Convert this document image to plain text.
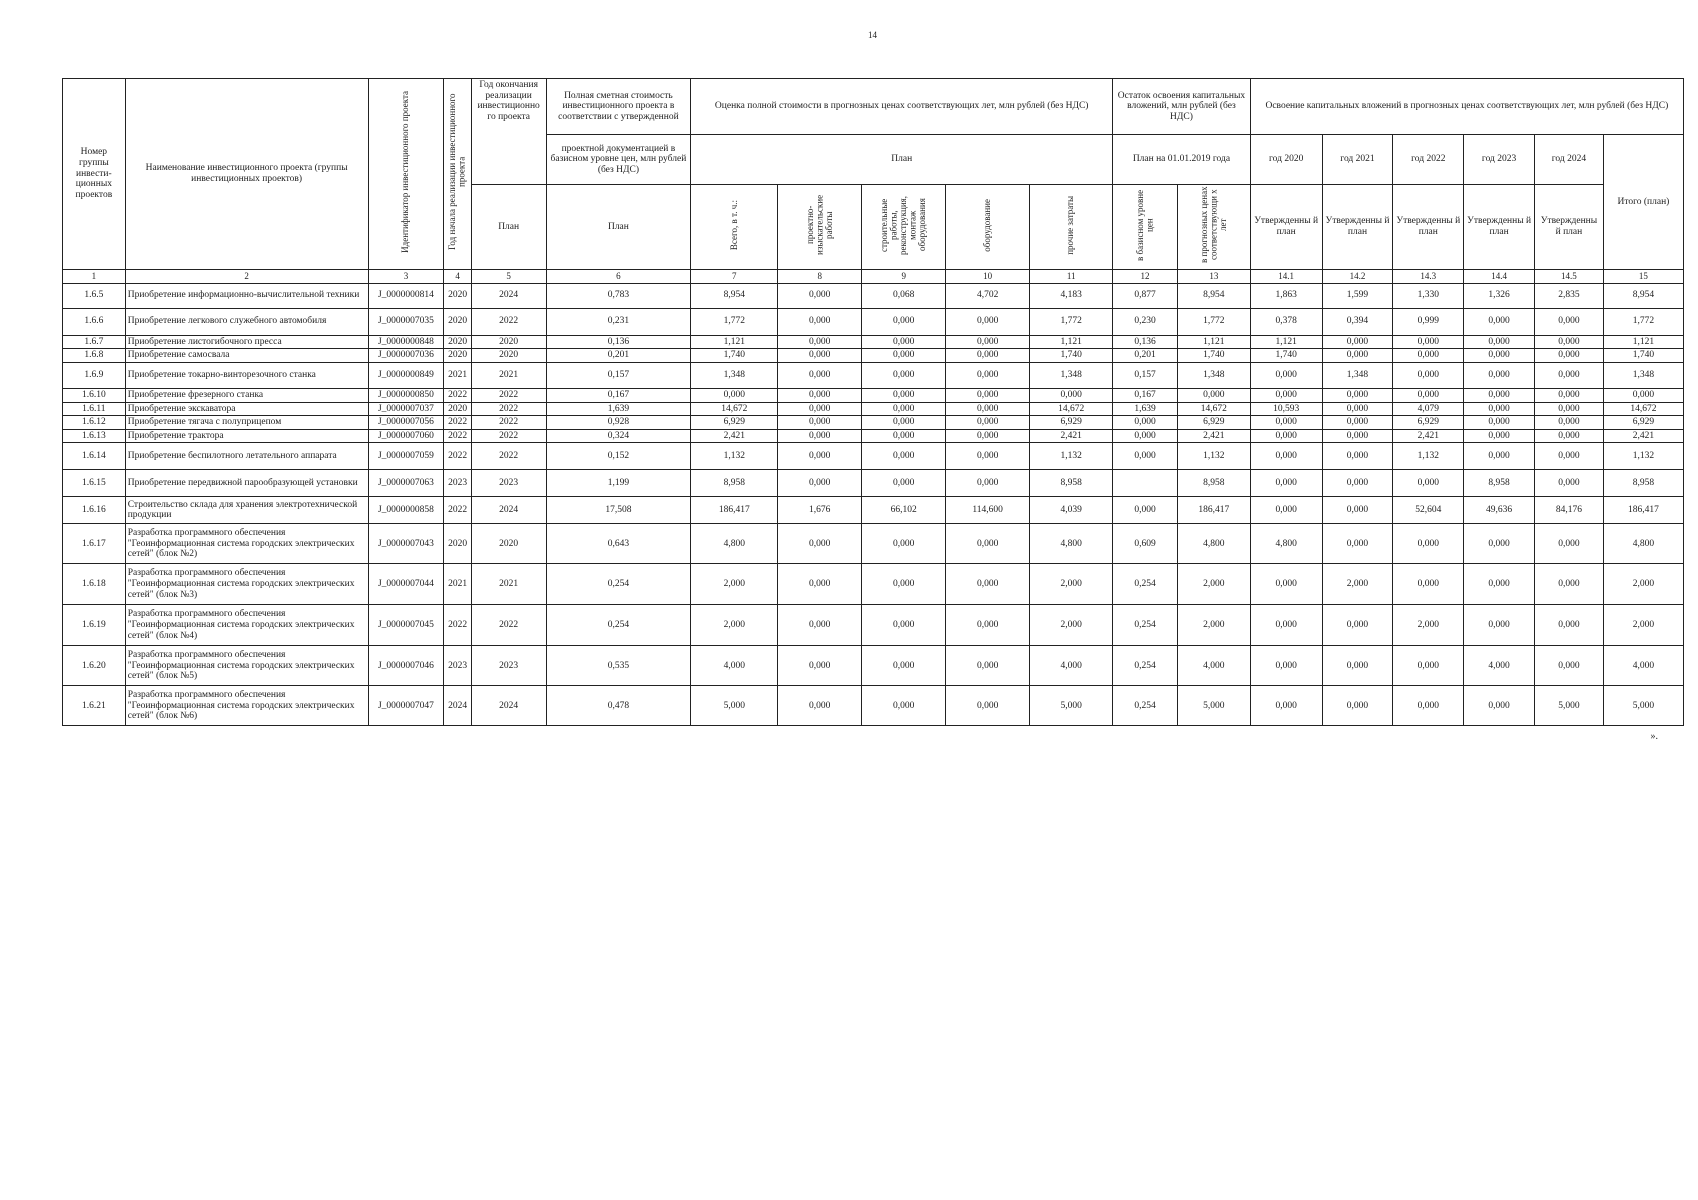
14
Номер группы инвести-ционных проектов	Наименование инвестиционного проекта (группы инвестиционных проектов)	Идентификатор инвестиционного проекта	Год начала реализации инвестиционного проекта	Год окончания реализации инвестиционно го проекта	Полная сметная стоимость инвестиционного проекта в соответствии с утвержденной	Оценка полной стоимости в прогнозных ценах соответствующих лет, млн рублей (без НДС)					Остаток освоения капитальных вложений, млн рублей (без НДС)		Освоение капитальных вложений в прогнозных ценах соответствующих лет, млн рублей (без НДС)					
					проектной документацией в базисном уровне цен, млн рублей (без НДС)	План					План на 01.01.2019 года		год 2020	год 2021	год 2022	год 2023	год 2024	Итого (план)
				План	План	Всего, в т. ч.:	проектно-изыскательские работы	строительные работы, реконструкция, монтаж оборудования	оборудование	прочие затраты	в базисном уровне цен	в прогнозных ценах соответствующи х лет	Утвержденны й план	Утвержденны й план	Утвержденны й план	Утвержденны й план	Утвержденны й план	
1	2	3	4	5	6	7	8	9	10	11	12	13	14.1	14.2	14.3	14.4	14.5	15
1.6.5	Приобретение информационно-вычислительной техники	J_0000000814	2020	2024	0,783	8,954	0,000	0,068	4,702	4,183	0,877	8,954	1,863	1,599	1,330	1,326	2,835	8,954
1.6.6	Приобретение легкового служебного автомобиля	J_0000007035	2020	2022	0,231	1,772	0,000	0,000	0,000	1,772	0,230	1,772	0,378	0,394	0,999	0,000	0,000	1,772
1.6.7	Приобретение листогибочного пресса	J_0000000848	2020	2020	0,136	1,121	0,000	0,000	0,000	1,121	0,136	1,121	1,121	0,000	0,000	0,000	0,000	1,121
1.6.8	Приобретение самосвала	J_0000007036	2020	2020	0,201	1,740	0,000	0,000	0,000	1,740	0,201	1,740	1,740	0,000	0,000	0,000	0,000	1,740
1.6.9	Приобретение токарно-винторезочного станка	J_0000000849	2021	2021	0,157	1,348	0,000	0,000	0,000	1,348	0,157	1,348	0,000	1,348	0,000	0,000	0,000	1,348
1.6.10	Приобретение фрезерного станка	J_0000000850	2022	2022	0,167	0,000	0,000	0,000	0,000	0,000	0,167	0,000	0,000	0,000	0,000	0,000	0,000	0,000
1.6.11	Приобретение экскаватора	J_0000007037	2020	2022	1,639	14,672	0,000	0,000	0,000	14,672	1,639	14,672	10,593	0,000	4,079	0,000	0,000	14,672
1.6.12	Приобретение тягача с полуприцепом	J_0000007056	2022	2022	0,928	6,929	0,000	0,000	0,000	6,929	0,000	6,929	0,000	0,000	6,929	0,000	0,000	6,929
1.6.13	Приобретение трактора	J_0000007060	2022	2022	0,324	2,421	0,000	0,000	0,000	2,421	0,000	2,421	0,000	0,000	2,421	0,000	0,000	2,421
1.6.14	Приобретение беспилотного летательного аппарата	J_0000007059	2022	2022	0,152	1,132	0,000	0,000	0,000	1,132	0,000	1,132	0,000	0,000	1,132	0,000	0,000	1,132
1.6.15	Приобретение передвижной парообразующей установки	J_0000007063	2023	2023	1,199	8,958	0,000	0,000	0,000	8,958		8,958	0,000	0,000	0,000	8,958	0,000	8,958
1.6.16	Строительство склада для хранения электротехнической продукции	J_0000000858	2022	2024	17,508	186,417	1,676	66,102	114,600	4,039	0,000	186,417	0,000	0,000	52,604	49,636	84,176	186,417
1.6.17	Разработка программного обеспечения "Геоинформационная система городских электрических сетей" (блок №2)	J_0000007043	2020	2020	0,643	4,800	0,000	0,000	0,000	4,800	0,609	4,800	4,800	0,000	0,000	0,000	0,000	4,800
1.6.18	Разработка программного обеспечения "Геоинформационная система городских электрических сетей" (блок №3)	J_0000007044	2021	2021	0,254	2,000	0,000	0,000	0,000	2,000	0,254	2,000	0,000	2,000	0,000	0,000	0,000	2,000
1.6.19	Разработка программного обеспечения "Геоинформационная система городских электрических сетей" (блок №4)	J_0000007045	2022	2022	0,254	2,000	0,000	0,000	0,000	2,000	0,254	2,000	0,000	0,000	2,000	0,000	0,000	2,000
1.6.20	Разработка программного обеспечения "Геоинформационная система городских электрических сетей" (блок №5)	J_0000007046	2023	2023	0,535	4,000	0,000	0,000	0,000	4,000	0,254	4,000	0,000	0,000	0,000	4,000	0,000	4,000
1.6.21	Разработка программного обеспечения "Геоинформационная система городских электрических сетей" (блок №6)	J_0000007047	2024	2024	0,478	5,000	0,000	0,000	0,000	5,000	0,254	5,000	0,000	0,000	0,000	0,000	5,000	5,000
».
